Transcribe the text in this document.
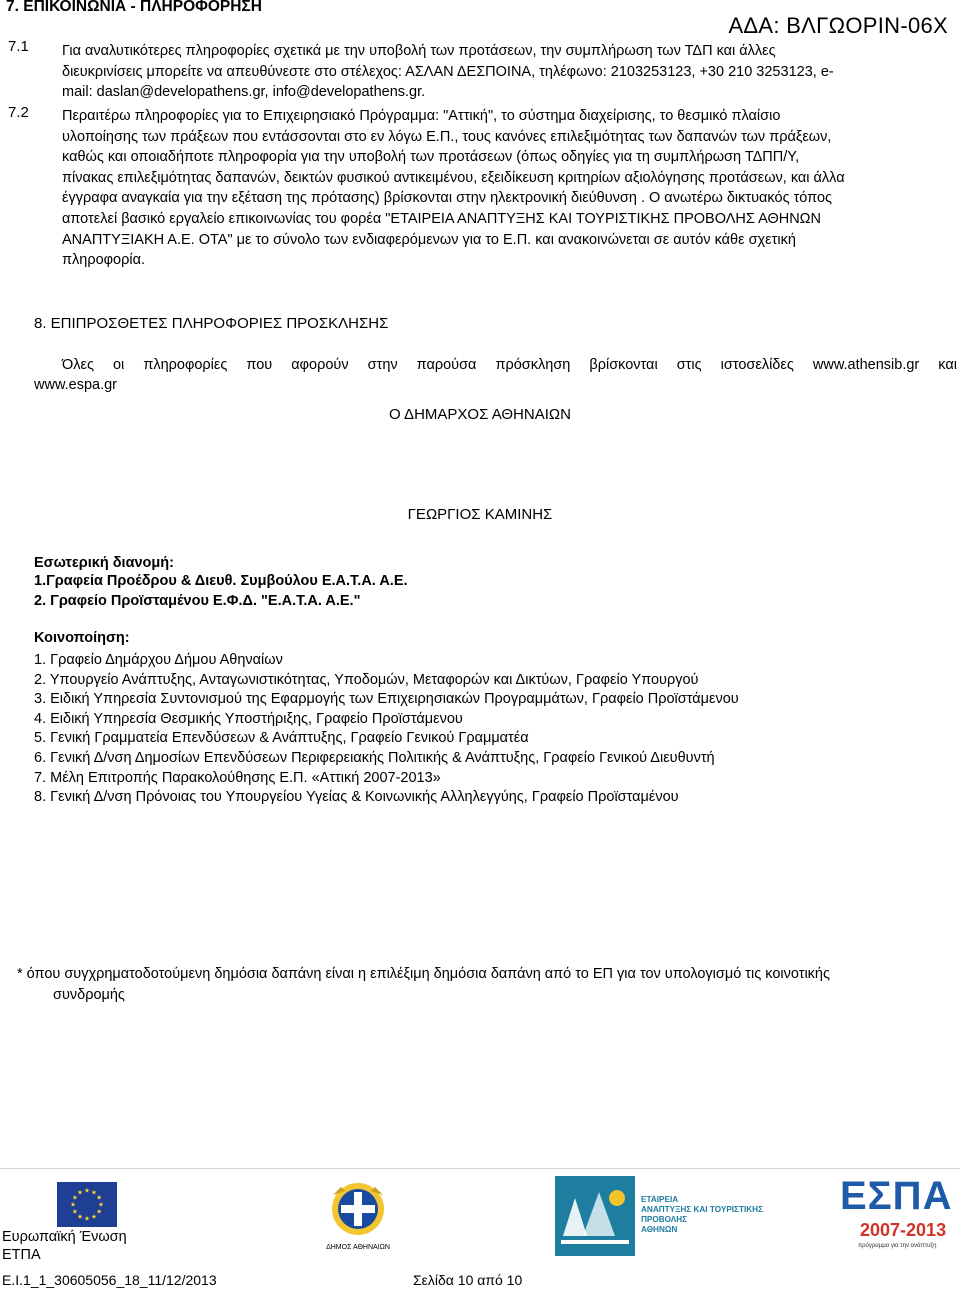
7. ΕΠΙΚΟΙΝΩΝΙΑ - ΠΛΗΡΟΦΟΡΗΣΗ
ΑΔΑ: ΒΛΓΩΟΡΙΝ-06Χ
7.1 Για αναλυτικότερες πληροφορίες σχετικά με την υποβολή των προτάσεων, την συμπλήρωση των ΤΔΠ και άλλες
διευκρινίσεις μπορείτε να απευθύνεστε στο στέλεχος: ΑΣΛΑΝ ΔΕΣΠΟΙΝΑ, τηλέφωνο: 2103253123, +30 210 3253123, e-
mail: daslan@developathens.gr, info@developathens.gr.
7.2 Περαιτέρω πληροφορίες για το Επιχειρησιακό Πρόγραμμα: "Αττική", το σύστημα διαχείρισης, το θεσμικό πλαίσιο
υλοποίησης των πράξεων που εντάσσονται στο εν λόγω Ε.Π., τους κανόνες επιλεξιμότητας των δαπανών των πράξεων,
καθώς και οποιαδήποτε πληροφορία για την υποβολή των προτάσεων (όπως οδηγίες για τη συμπλήρωση ΤΔΠΠ/Υ,
πίνακας επιλεξιμότητας δαπανών, δεικτών φυσικού αντικειμένου, εξειδίκευση κριτηρίων αξιολόγησης προτάσεων, και άλλα
έγγραφα αναγκαία για την εξέταση της πρότασης) βρίσκονται στην ηλεκτρονική διεύθυνση . Ο ανωτέρω δικτυακός τόπος
αποτελεί βασικό εργαλείο επικοινωνίας του φορέα "ΕΤΑΙΡΕΙΑ ΑΝΑΠΤΥΞΗΣ ΚΑΙ ΤΟΥΡΙΣΤΙΚΗΣ ΠΡΟΒΟΛΗΣ ΑΘΗΝΩΝ
ΑΝΑΠΤΥΞΙΑΚΗ Α.Ε. ΟΤΑ" με το σύνολο των ενδιαφερόμενων για το Ε.Π. και ανακοινώνεται σε αυτόν κάθε σχετική
πληροφορία.
8. ΕΠΙΠΡΟΣΘΕΤΕΣ ΠΛΗΡΟΦΟΡΙΕΣ ΠΡΟΣΚΛΗΣΗΣ
Όλες οι πληροφορίες που αφορούν στην παρούσα πρόσκληση βρίσκονται στις ιστοσελίδες www.athensib.gr και
www.espa.gr
Ο ΔΗΜΑΡΧΟΣ ΑΘΗΝΑΙΩΝ
ΓΕΩΡΓΙΟΣ ΚΑΜΙΝΗΣ
Εσωτερική διανομή:
1.Γραφεία Προέδρου & Διευθ. Συμβούλου Ε.Α.Τ.Α. Α.Ε.
2. Γραφείο Προϊσταμένου Ε.Φ.Δ. "Ε.Α.Τ.Α. Α.Ε."
Κοινοποίηση:
1. Γραφείο Δημάρχου Δήμου Αθηναίων
2. Υπουργείο Ανάπτυξης, Ανταγωνιστικότητας, Υποδομών, Μεταφορών και Δικτύων, Γραφείο Υπουργού
3. Ειδική Υπηρεσία Συντονισμού της Εφαρμογής των Επιχειρησιακών Προγραμμάτων, Γραφείο Προϊστάμενου
4. Ειδική Υπηρεσία Θεσμικής Υποστήριξης, Γραφείο Προϊστάμενου
5. Γενική Γραμματεία Επενδύσεων & Ανάπτυξης, Γραφείο Γενικού Γραμματέα
6. Γενική Δ/νση Δημοσίων Επενδύσεων Περιφερειακής Πολιτικής & Ανάπτυξης, Γραφείο Γενικού Διευθυντή
7. Μέλη Επιτροπής Παρακολούθησης Ε.Π. «Αττική 2007-2013»
8. Γενική Δ/νση Πρόνοιας του Υπουργείου Υγείας & Κοινωνικής Αλληλεγγύης, Γραφείο Προϊσταμένου
* όπου συγχρηματοδοτούμενη δημόσια δαπάνη είναι η επιλέξιμη δημόσια δαπάνη από το ΕΠ για τον υπολογισμό τις κοινοτικής
συνδρομής
Ευρωπαϊκή Ένωση
ΕΤΠΑ	ΔΗΜΟΣ ΑΘΗΝΑΙΩΝ
ΕΤΑΙΡΕΙΑ
ΑΝΑΠΤΥΞΗΣ ΚΑΙ ΤΟΥΡΙΣΤΙΚΗΣ
ΠΡΟΒΟΛΗΣ
ΑΘΗΝΩΝ
ΕΣΠΑ
2007-2013
πρόγραμμα για την ανάπτυξη
Ε.Ι.1_1_30605056_18_11/12/2013	Σελίδα 10 από 10
